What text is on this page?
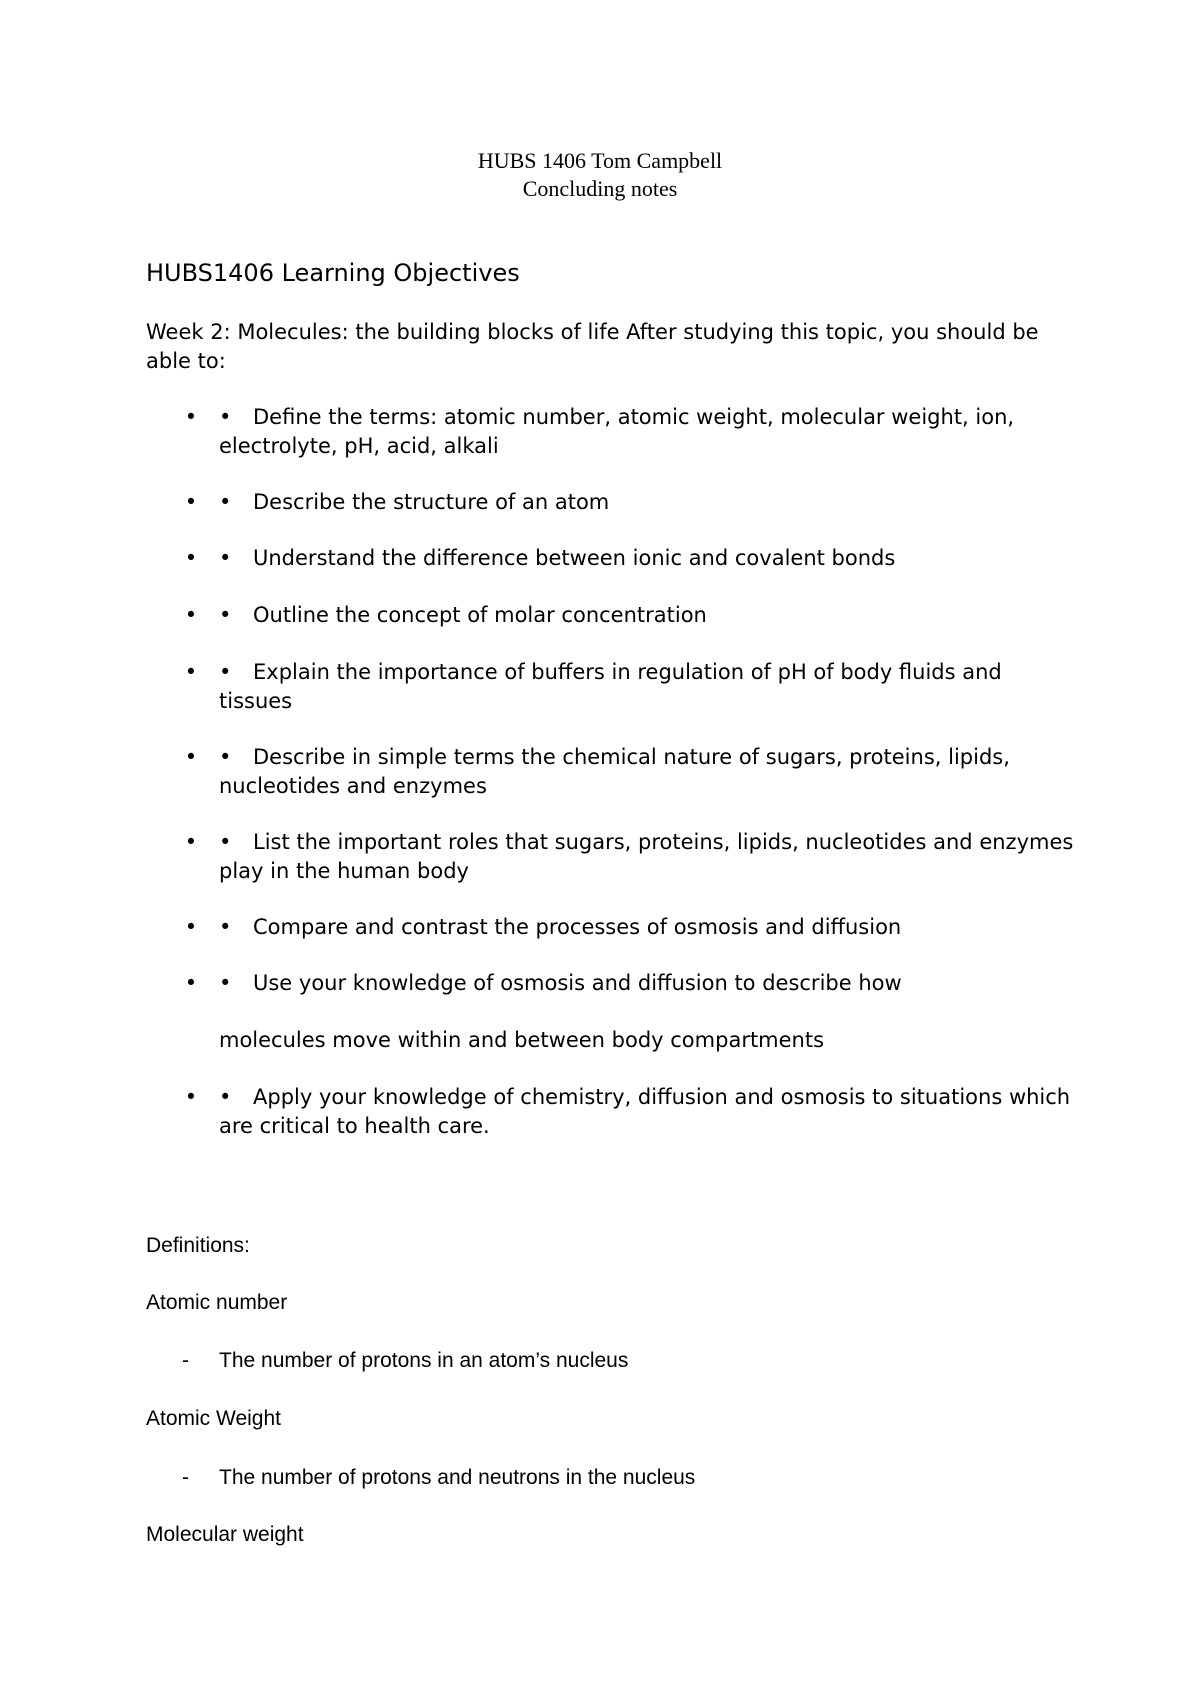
HUBS 1406 Tom Campbell
Concluding notes
HUBS1406 Learning Objectives
Week 2: Molecules: the building blocks of life After studying this topic, you should be able to:
• • Define the terms: atomic number, atomic weight, molecular weight, ion, electrolyte, pH, acid, alkali
• • Describe the structure of an atom
• • Understand the difference between ionic and covalent bonds
• • Outline the concept of molar concentration
• • Explain the importance of buffers in regulation of pH of body fluids and tissues
• • Describe in simple terms the chemical nature of sugars, proteins, lipids, nucleotides and enzymes
• • List the important roles that sugars, proteins, lipids, nucleotides and enzymes play in the human body
• • Compare and contrast the processes of osmosis and diffusion
• • Use your knowledge of osmosis and diffusion to describe how
molecules move within and between body compartments
• • Apply your knowledge of chemistry, diffusion and osmosis to situations which are critical to health care.
Definitions:
Atomic number
- The number of protons in an atom’s nucleus
Atomic Weight
- The number of protons and neutrons in the nucleus
Molecular weight
